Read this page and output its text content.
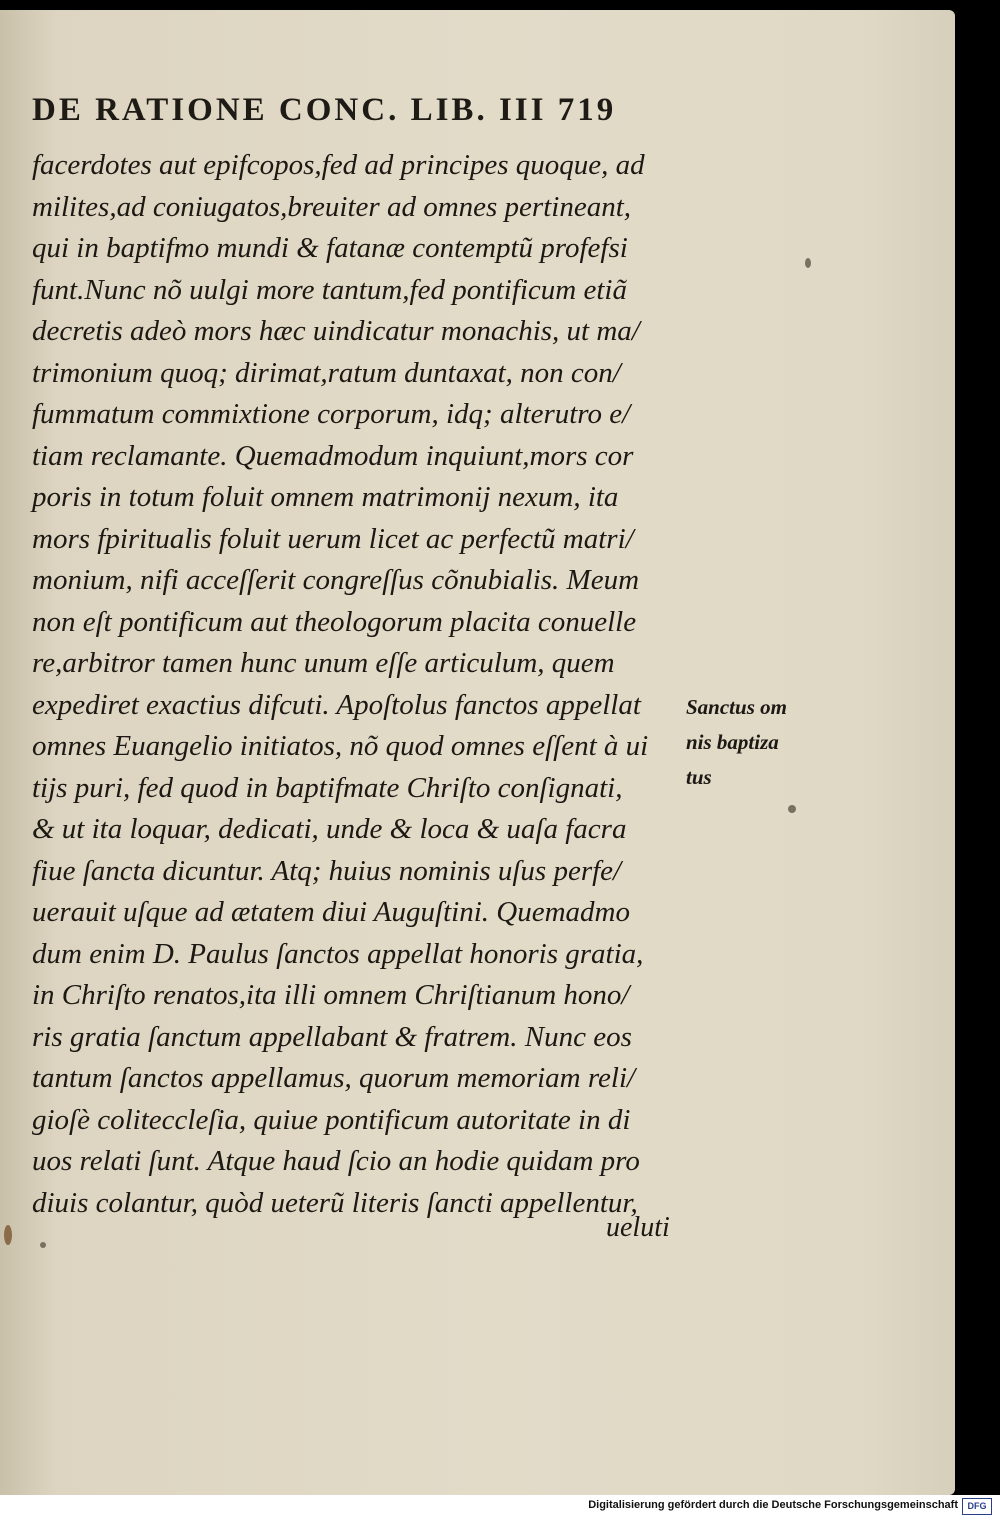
DE RATIONE CONC. LIB. III 719
facerdotes aut epifcopos,fed ad principes quoque, ad
milites,ad coniugatos,breuiter ad omnes pertineant,
qui in baptifmo mundi & fatanæ contemptũ profefsi
funt.Nunc nõ uulgi more tantum,fed pontificum etiã
decretis adeò mors hæc uindicatur monachis, ut ma/
trimonium quoq; dirimat,ratum duntaxat, non con/
fummatum commixtione corporum, idq; alterutro e/
tiam reclamante. Quemadmodum inquiunt,mors cor
poris in totum foluit omnem matrimonij nexum, ita
mors fpiritualis foluit uerum licet ac perfectũ matri/
monium, nifi acceſſerit congreſſus cõnubialis. Meum
non eſt pontificum aut theologorum placita conuelle
re,arbitror tamen hunc unum eſſe articulum, quem
expediret exactius difcuti. Apoſtolus fanctos appellat
omnes Euangelio initiatos, nõ quod omnes eſſent à ui
tijs puri, fed quod in baptifmate Chriſto conſignati,
& ut ita loquar, dedicati, unde & loca & uaſa facra
fiue ſancta dicuntur. Atq; huius nominis uſus perfe/
uerauit uſque ad ætatem diui Auguſtini. Quemadmo
dum enim D. Paulus ſanctos appellat honoris gratia,
in Chriſto renatos,ita illi omnem Chriſtianum hono/
ris gratia ſanctum appellabant & fratrem. Nunc eos
tantum ſanctos appellamus, quorum memoriam reli/
gioſè coliteccleſia, quiue pontificum autoritate in di
uos relati ſunt. Atque haud ſcio an hodie quidam pro
diuis colantur, quòd ueterũ literis ſancti appellentur,
ueluti
Sanctus om
nis baptiza
tus
Digitalisierung gefördert durch die Deutsche Forschungsgemeinschaft	DFG
